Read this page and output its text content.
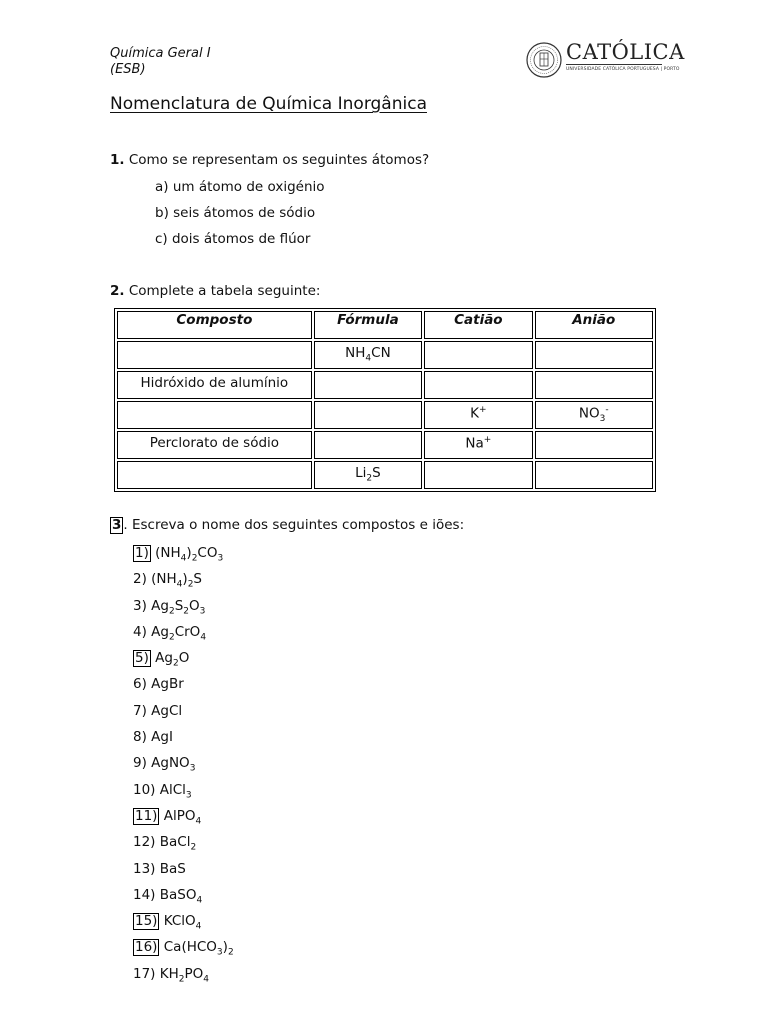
Química Geral I
(ESB)
CATÓLICA
UNIVERSIDADE CATÓLICA PORTUGUESA | PORTO
Nomenclatura de Química Inorgânica
1. Como se representam os seguintes átomos?
a) um átomo de oxigénio
b) seis átomos de sódio
c) dois átomos de flúor
2. Complete a tabela seguinte:
Composto	Fórmula	Catião	Anião
	$NH_4CN$		
Hidróxido de alumínio			
		K+	$NO_3^-$
Perclorato de sódio		Na+	
	$Li_2S$		
3 . Escreva o nome dos seguintes compostos e iões:
1) $(NH_4)_2CO_3$
2) $(NH_4)_2S$
3) $Ag_2S_2O_3$
4) $Ag_2CrO_4$
5) $Ag_2O$
6) AgBr
7) AgCl
8) AgI
9) AgNO$_3$
10) AlCl$_3$
11) AlPO$_4$
12) BaCl$_2$
13) BaS
14) BaSO$_4$
15) KClO$_4$
16) $Ca(HCO_3)_2$
17) $KH_2PO_4$
